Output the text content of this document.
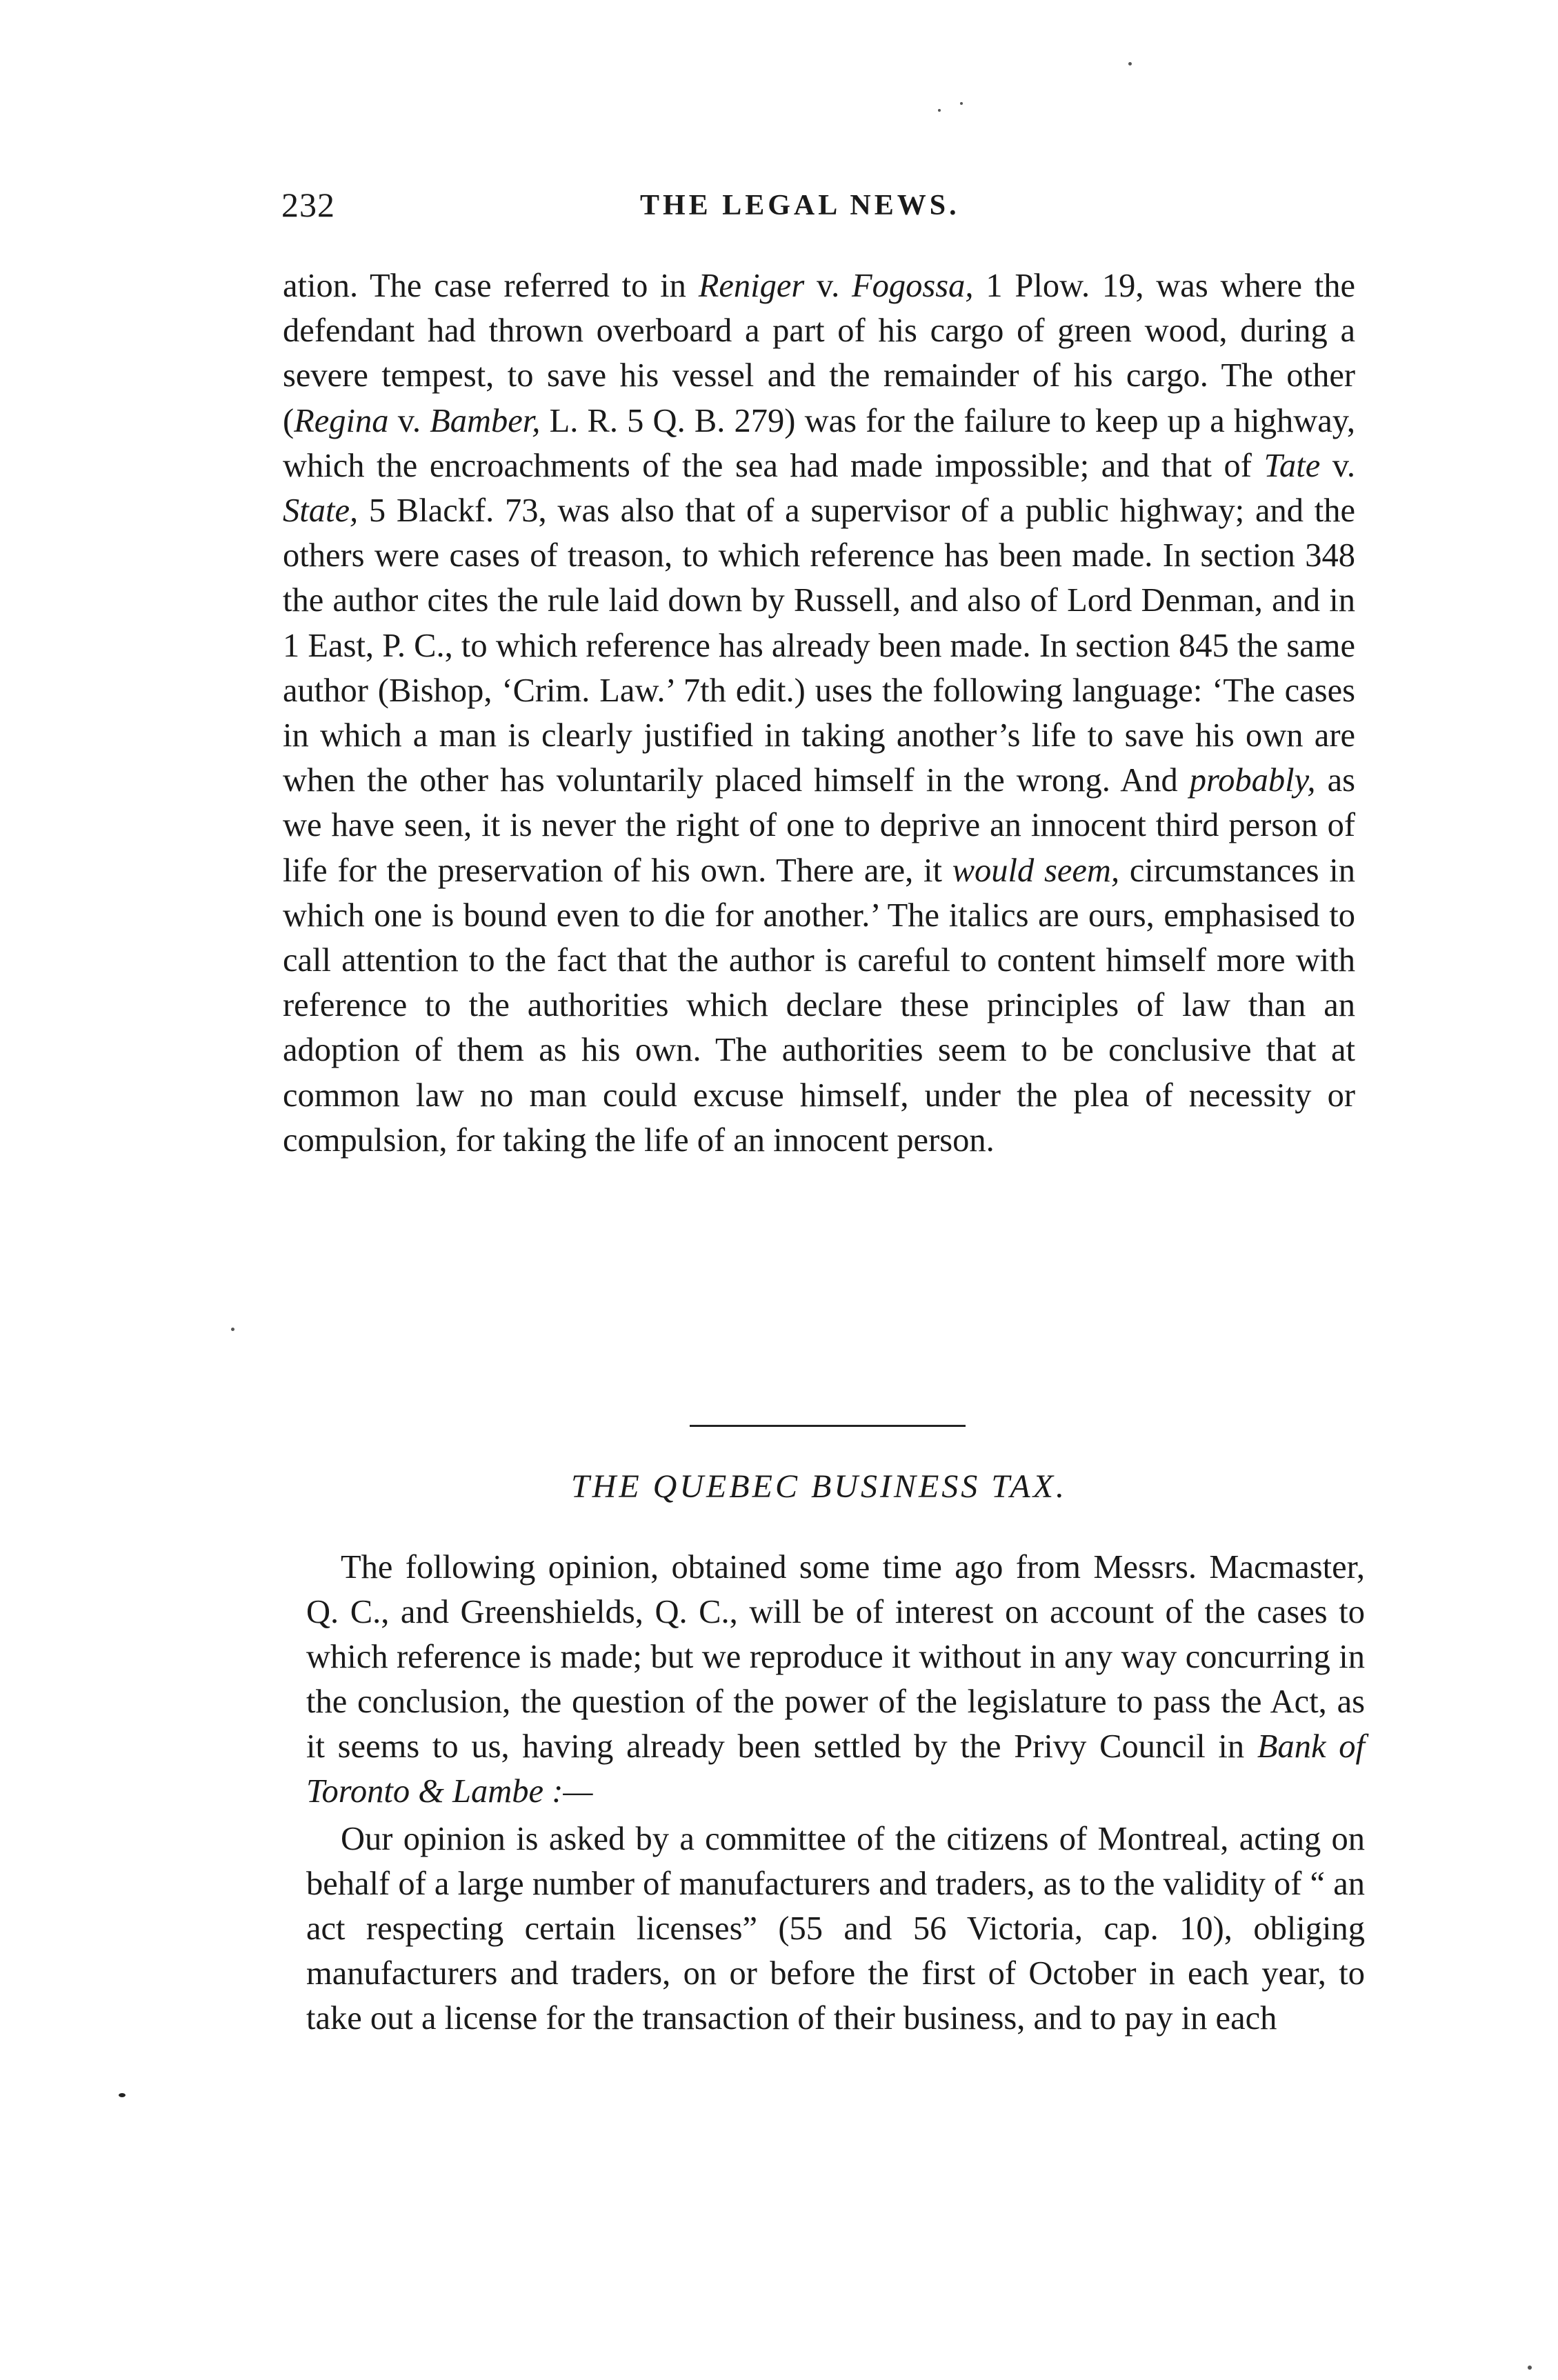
232	THE LEGAL NEWS.

ation. The case referred to in Reniger v. Fogossa, 1 Plow. 19, was where the defendant had thrown overboard a part of his cargo of green wood, during a severe tempest, to save his vessel and the remainder of his cargo. The other (Regina v. Bamber, L. R. 5 Q. B. 279) was for the failure to keep up a highway, which the encroachments of the sea had made impossible; and that of Tate v. State, 5 Blackf. 73, was also that of a supervisor of a public highway; and the others were cases of treason, to which reference has been made. In section 348 the author cites the rule laid down by Russell, and also of Lord Denman, and in 1 East, P. C., to which reference has already been made. In section 845 the same author (Bishop, ‘Crim. Law.’ 7th edit.) uses the following language: ‘The cases in which a man is clearly justified in taking another’s life to save his own are when the other has voluntarily placed himself in the wrong. And probably, as we have seen, it is never the right of one to deprive an innocent third person of life for the preservation of his own. There are, it would seem, circumstances in which one is bound even to die for another.’ The italics are ours, emphasised to call attention to the fact that the author is careful to content himself more with reference to the authorities which declare these principles of law than an adoption of them as his own. The authorities seem to be conclusive that at common law no man could excuse himself, under the plea of necessity or compulsion, for taking the life of an innocent person.

THE QUEBEC BUSINESS TAX.

The following opinion, obtained some time ago from Messrs. Macmaster, Q. C., and Greenshields, Q. C., will be of interest on account of the cases to which reference is made; but we reproduce it without in any way concurring in the conclusion, the question of the power of the legislature to pass the Act, as it seems to us, having already been settled by the Privy Council in Bank of Toronto & Lambe :—

Our opinion is asked by a committee of the citizens of Montreal, acting on behalf of a large number of manufacturers and traders, as to the validity of “ an act respecting certain licenses” (55 and 56 Victoria, cap. 10), obliging manufacturers and traders, on or before the first of October in each year, to take out a license for the transaction of their business, and to pay in each
